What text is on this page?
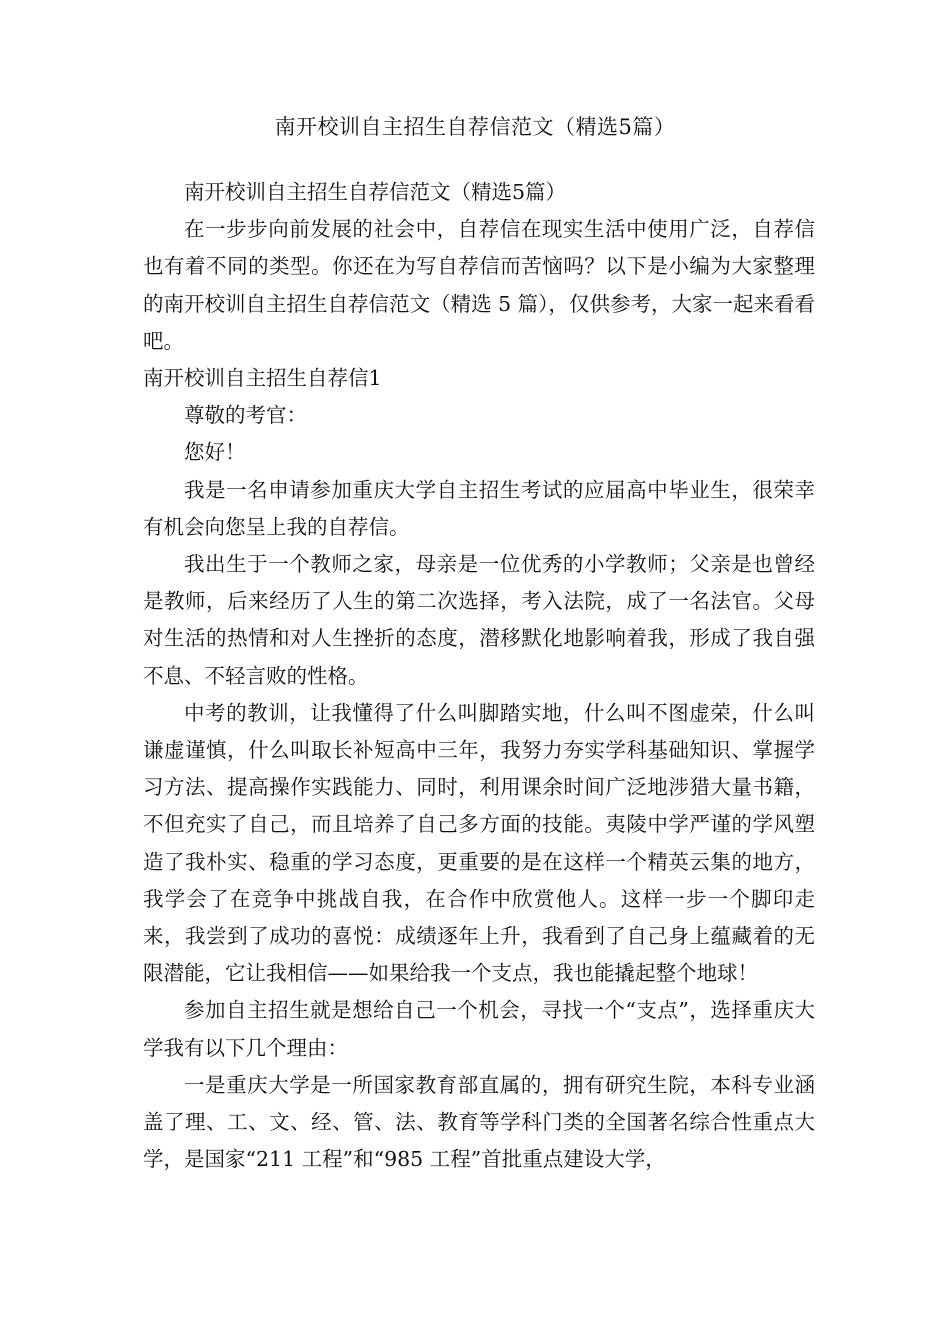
南开校训自主招生自荐信范文（精选5篇）

南开校训自主招生自荐信范文（精选5篇）

在一步步向前发展的社会中，自荐信在现实生活中使用广泛，自荐信也有着不同的类型。你还在为写自荐信而苦恼吗？以下是小编为大家整理的南开校训自主招生自荐信范文（精选 5 篇），仅供参考，大家一起来看看吧。

南开校训自主招生自荐信1

尊敬的考官：

您好！

我是一名申请参加重庆大学自主招生考试的应届高中毕业生，很荣幸有机会向您呈上我的自荐信。

我出生于一个教师之家，母亲是一位优秀的小学教师；父亲是也曾经是教师，后来经历了人生的第二次选择，考入法院，成了一名法官。父母对生活的热情和对人生挫折的态度，潜移默化地影响着我，形成了我自强不息、不轻言败的性格。

中考的教训，让我懂得了什么叫脚踏实地，什么叫不图虚荣，什么叫谦虚谨慎，什么叫取长补短高中三年，我努力夯实学科基础知识、掌握学习方法、提高操作实践能力、同时，利用课余时间广泛地涉猎大量书籍，不但充实了自己，而且培养了自己多方面的技能。夷陵中学严谨的学风塑造了我朴实、稳重的学习态度，更重要的是在这样一个精英云集的地方，我学会了在竞争中挑战自我，在合作中欣赏他人。这样一步一个脚印走来，我尝到了成功的喜悦：成绩逐年上升，我看到了自己身上蕴藏着的无限潜能，它让我相信——如果给我一个支点，我也能撬起整个地球！

参加自主招生就是想给自己一个机会，寻找一个“支点”，选择重庆大学我有以下几个理由：

一是重庆大学是一所国家教育部直属的，拥有研究生院，本科专业涵盖了理、工、文、经、管、法、教育等学科门类的全国著名综合性重点大学，是国家“211 工程”和“985 工程”首批重点建设大学，
